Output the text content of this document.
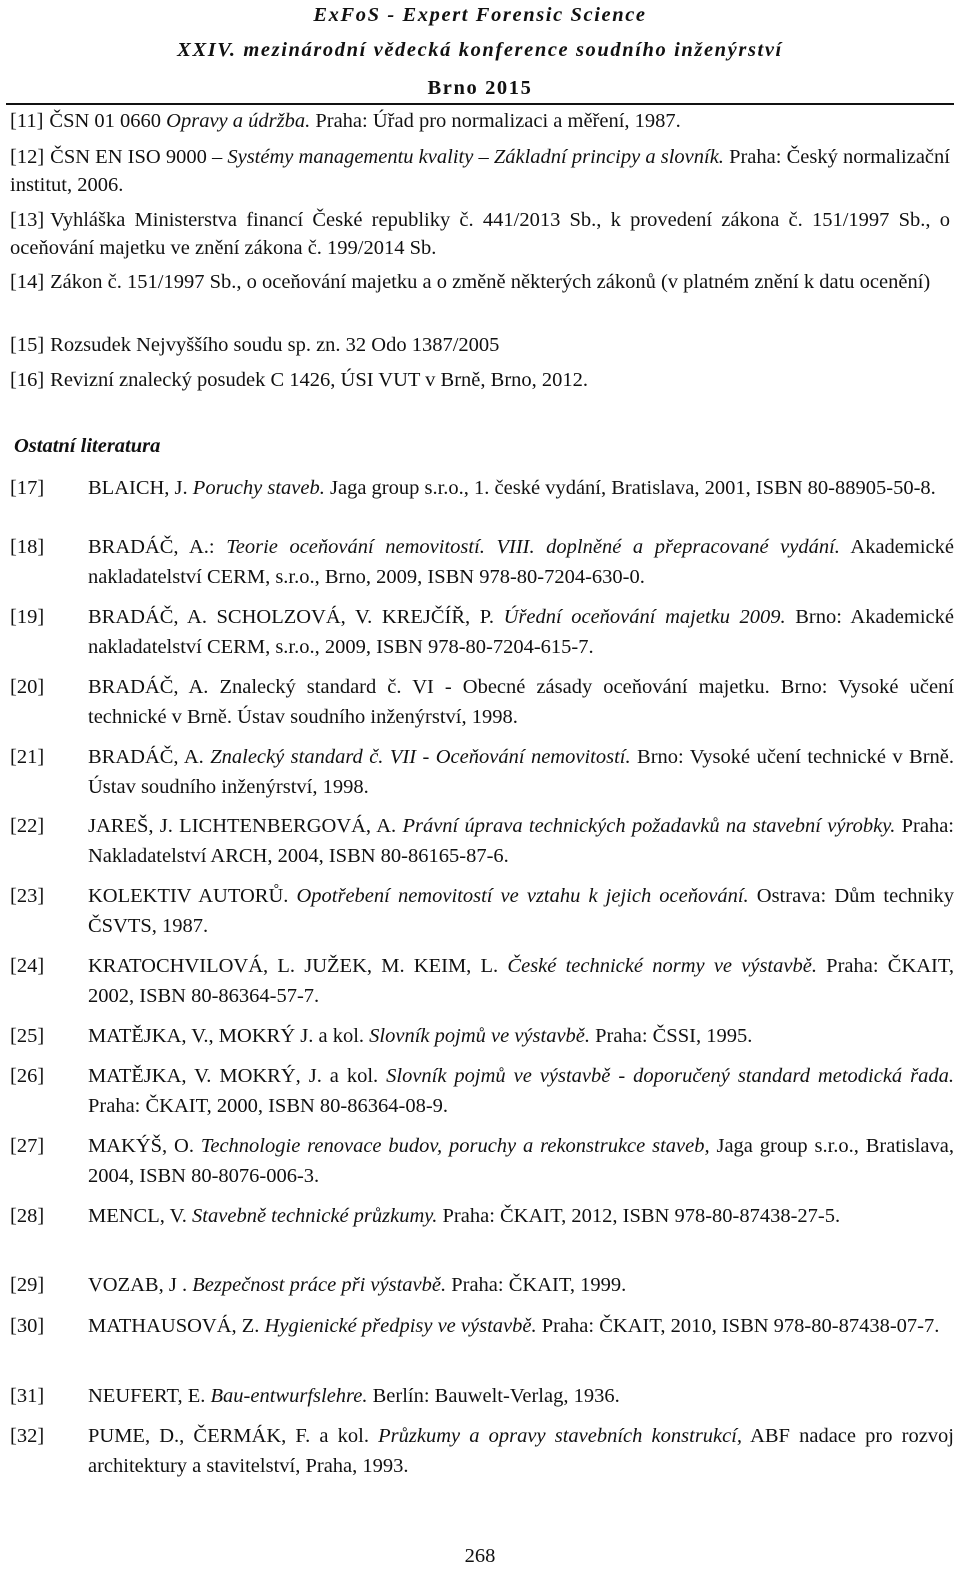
ExFoS - Expert Forensic Science
XXIV. mezinárodní vědecká konference soudního inženýrství
Brno 2015
[11] ČSN 01 0660 Opravy a údržba. Praha: Úřad pro normalizaci a měření, 1987.
[12] ČSN EN ISO 9000 – Systémy managementu kvality – Základní principy a slovník. Praha: Český normalizační institut, 2006.
[13] Vyhláška Ministerstva financí České republiky č. 441/2013 Sb., k provedení zákona č. 151/1997 Sb., o oceňování majetku ve znění zákona č. 199/2014 Sb.
[14] Zákon č. 151/1997 Sb., o oceňování majetku a o změně některých zákonů (v platném znění k datu ocenění)
[15] Rozsudek Nejvyššího soudu sp. zn. 32 Odo 1387/2005
[16] Revizní znalecký posudek C 1426, ÚSI VUT v Brně, Brno, 2012.
Ostatní literatura
[17]	BLAICH, J. Poruchy staveb. Jaga group s.r.o., 1. české vydání, Bratislava, 2001, ISBN 80-88905-50-8.
[18]	BRADÁČ, A.: Teorie oceňování nemovitostí. VIII. doplněné a přepracované vydání. Akademické nakladatelství CERM, s.r.o., Brno, 2009, ISBN 978-80-7204-630-0.
[19]	BRADÁČ, A. SCHOLZOVÁ, V. KREJČÍŘ, P. Úřední oceňování majetku 2009. Brno: Akademické nakladatelství CERM, s.r.o., 2009, ISBN 978-80-7204-615-7.
[20]	BRADÁČ, A. Znalecký standard č. VI - Obecné zásady oceňování majetku. Brno: Vysoké učení technické v Brně. Ústav soudního inženýrství, 1998.
[21]	BRADÁČ, A. Znalecký standard č. VII - Oceňování nemovitostí. Brno: Vysoké učení technické v Brně. Ústav soudního inženýrství, 1998.
[22]	JAREŠ, J. LICHTENBERGOVÁ, A. Právní úprava technických požadavků na stavební výrobky. Praha: Nakladatelství ARCH, 2004, ISBN 80-86165-87-6.
[23]	KOLEKTIV AUTORŮ. Opotřebení nemovitostí ve vztahu k jejich oceňování. Ostrava: Dům techniky ČSVTS, 1987.
[24]	KRATOCHVILOVÁ, L. JUŽEK, M. KEIM, L. České technické normy ve výstavbě. Praha: ČKAIT, 2002, ISBN 80-86364-57-7.
[25]	MATĚJKA, V., MOKRÝ J. a kol. Slovník pojmů ve výstavbě. Praha: ČSSI, 1995.
[26]	MATĚJKA, V. MOKRÝ, J. a kol. Slovník pojmů ve výstavbě - doporučený standard metodická řada. Praha: ČKAIT, 2000, ISBN 80-86364-08-9.
[27]	MAKÝŠ, O. Technologie renovace budov, poruchy a rekonstrukce staveb, Jaga group s.r.o., Bratislava, 2004, ISBN 80-8076-006-3.
[28]	MENCL, V. Stavebně technické průzkumy. Praha: ČKAIT, 2012, ISBN 978-80-87438-27-5.
[29]	VOZAB, J . Bezpečnost práce při výstavbě. Praha: ČKAIT, 1999.
[30]	MATHAUSOVÁ, Z. Hygienické předpisy ve výstavbě. Praha: ČKAIT, 2010, ISBN 978-80-87438-07-7.
[31]	NEUFERT, E. Bau-entwurfslehre. Berlín: Bauwelt-Verlag, 1936.
[32]	PUME, D., ČERMÁK, F. a kol. Průzkumy a opravy stavebních konstrukcí, ABF nadace pro rozvoj architektury a stavitelství, Praha, 1993.
268
